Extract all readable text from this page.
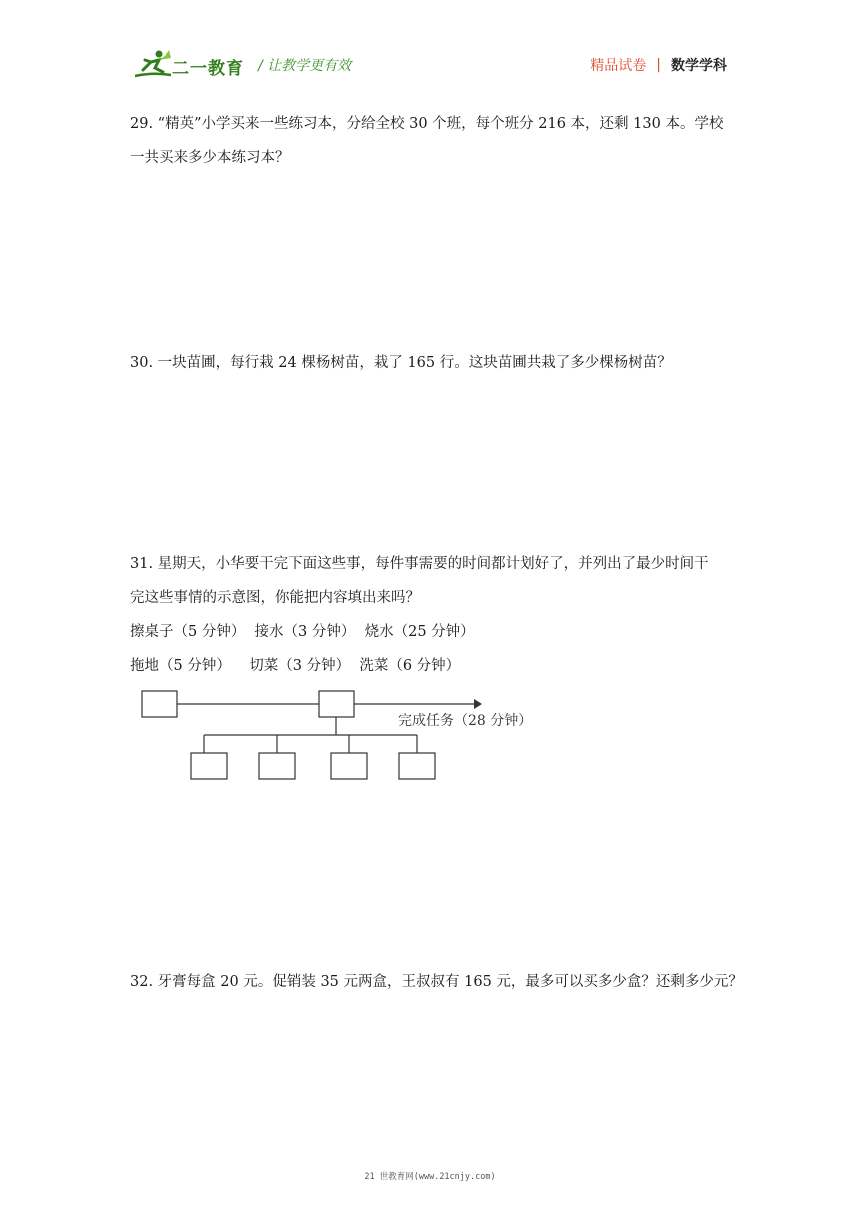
二一教育 / 让教学更有效	精品试卷 | 数学学科
29. “精英”小学买来一些练习本，分给全校 30 个班，每个班分 216 本，还剩 130 本。学校
一共买来多少本练习本？
30. 一块苗圃，每行栽 24 棵杨树苗，栽了 165 行。这块苗圃共栽了多少棵杨树苗？
31. 星期天，小华要干完下面这些事，每件事需要的时间都计划好了，并列出了最少时间干
完这些事情的示意图，你能把内容填出来吗？
擦桌子（5 分钟）  接水（3 分钟）  烧水（25 分钟）
拖地（5 分钟）    切菜（3 分钟）  洗菜（6 分钟）
完成任务（28 分钟）
32. 牙膏每盒 20 元。促销装 35 元两盒，王叔叔有 165 元，最多可以买多少盒？还剩多少元？
21 世教育网(www.21cnjy.com)
